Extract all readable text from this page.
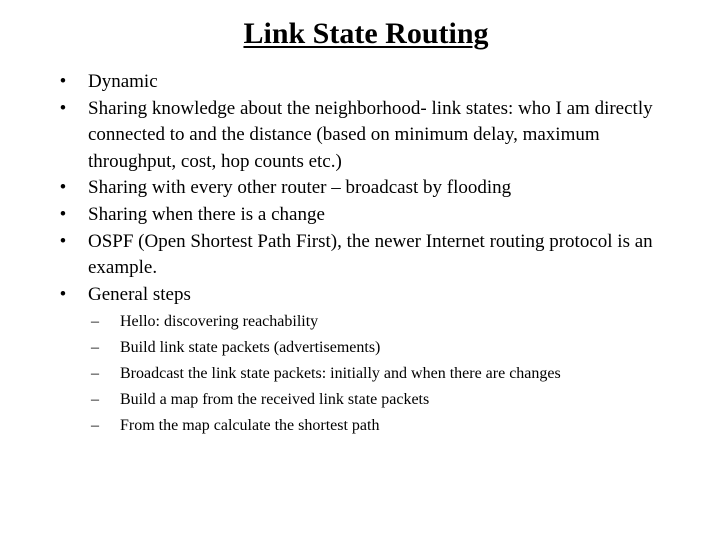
Link State Routing
• Dynamic
• Sharing knowledge about the neighborhood- link states: who I am directly connected to and the distance (based on minimum delay, maximum throughput, cost, hop counts etc.)
• Sharing with every other router – broadcast by flooding
• Sharing when there is a change
• OSPF (Open Shortest Path First), the newer Internet routing protocol is an example.
• General steps
– Hello: discovering reachability
– Build link state packets (advertisements)
– Broadcast the link state packets: initially and when there are changes
– Build a map from the received link state packets
– From the map calculate the shortest path
